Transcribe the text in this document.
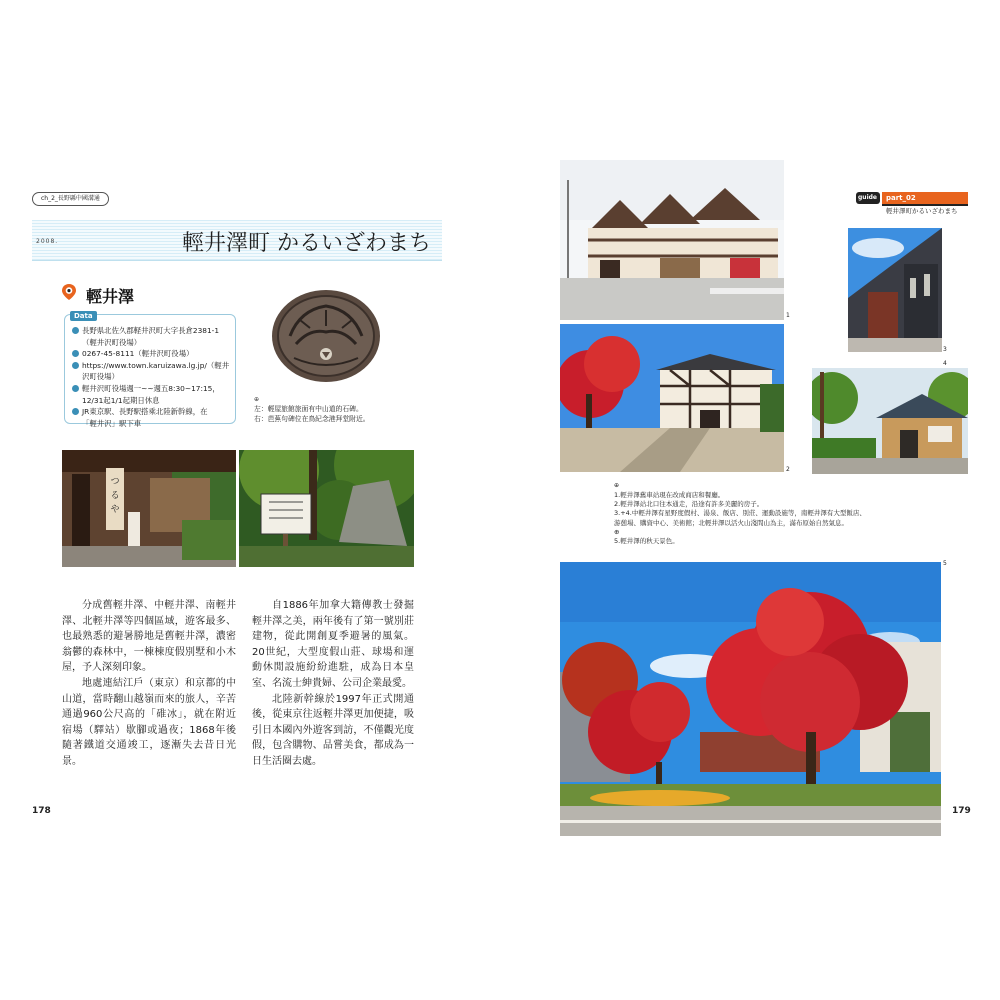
ch_2_長野縣中國溝通
2008.	輕井澤町 かるいざわまち
輕井澤
Data
長野県北佐久郡軽井沢町大字長倉2381-1
（輕井沢町役場）
0267-45-8111（輕井沢町役場）
https://www.town.karuizawa.lg.jp/（輕井
沢町役場）
輕井沢町役場週一~~週五8:30~17:15，
12/31起1/1起期日休息
JR東京駅、長野駅搭乘北陸新幹線，在
「輕井沢」駅下車
⊕
左：輕屋旅館旅面有中山道的石碑。
右：芭蕉句碑位在鳥紀念港拜堂附近。
つ
る
や

分成舊輕井澤、中輕井澤、南輕井澤、北輕井澤等四個區域，遊客最多、也最熟悉的避暑勝地是舊輕井澤，濃密翁鬱的森林中，一棟棟度假別墅和小木屋，予人深刻印象。

地處連結江戶（東京）和京都的中山道，當時翻山越嶺而來的旅人，辛苦通過960公尺高的「碓冰」，就在附近宿場（驛站）歇腳或過夜；1868年後隨著鐵道交通竣工，逐漸失去昔日光景。

自1886年加拿大籍傳教士發掘輕井澤之美，兩年後有了第一號別莊建物，從此開創夏季避暑的風氣。20世紀，大型度假山莊、球場和運動休閒設施紛紛進駐，成為日本皇室、名流士紳貴婦、公司企業最愛。

北陸新幹線於1997年正式開通後，從東京往返輕井澤更加便捷，吸引日本國內外遊客到訪，不僅觀光度假，包含購物、品嘗美食，都成為一日生活圈去處。

178
guide part_02
輕井澤町かるいざわまち
1
3
2
4
⊕
1.輕井澤舊車站現在改成商店和餐廳。
2.輕井澤站北口往本通走，沿途有許多美麗的房子。
3.+4.中輕井澤有星野度假村、湯泉、飯店、別莊、運動設施等，南輕井澤有大型飯店、
游憩場、購資中心、美術館；北輕井澤以活火山淺間山為主，滿布原始自然氣息。
⊕
5.輕井澤的秋天景色。
5
179
